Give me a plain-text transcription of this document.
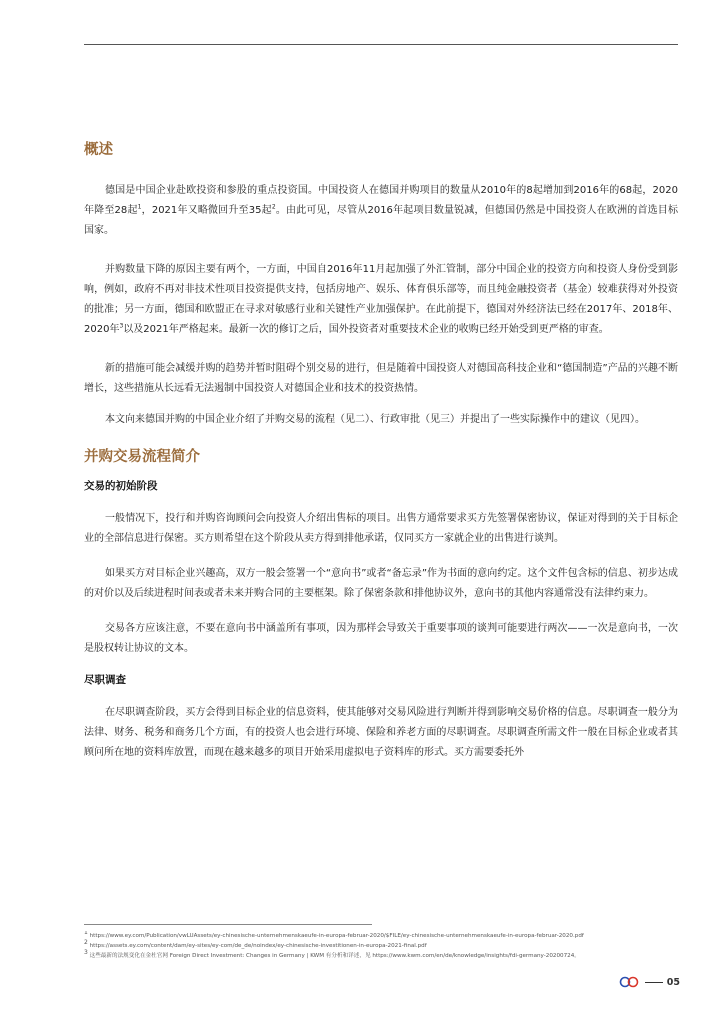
概述

德国是中国企业赴欧投资和参股的重点投资国。中国投资人在德国并购项目的数量从2010年的8起增加到2016年的68起，2020年降至28起$^1$，2021年又略微回升至35起$^2$。由此可见，尽管从2016年起项目数量锐减，但德国仍然是中国投资人在欧洲的首选目标国家。

并购数量下降的原因主要有两个，一方面，中国自2016年11月起加强了外汇管制，部分中国企业的投资方向和投资人身份受到影响，例如，政府不再对非技术性项目投资提供支持，包括房地产、娱乐、体育俱乐部等，而且纯金融投资者（基金）较难获得对外投资的批准；另一方面，德国和欧盟正在寻求对敏感行业和关键性产业加强保护。在此前提下，德国对外经济法已经在2017年、2018年、2020年$^3$以及2021年严格起来。最新一次的修订之后，国外投资者对重要技术企业的收购已经开始受到更严格的审查。

新的措施可能会减缓并购的趋势并暂时阻碍个别交易的进行，但是随着中国投资人对德国高科技企业和“德国制造”产品的兴趣不断增长，这些措施从长远看无法遏制中国投资人对德国企业和技术的投资热情。

本文向来德国并购的中国企业介绍了并购交易的流程（见二）、行政审批（见三）并提出了一些实际操作中的建议（见四）。

并购交易流程简介
交易的初始阶段

一般情况下，投行和并购咨询顾问会向投资人介绍出售标的项目。出售方通常要求买方先签署保密协议，保证对得到的关于目标企业的全部信息进行保密。买方则希望在这个阶段从卖方得到排他承诺，仅同买方一家就企业的出售进行谈判。

如果买方对目标企业兴趣高，双方一般会签署一个“意向书”或者“备忘录”作为书面的意向约定。这个文件包含标的信息、初步达成的对价以及后续进程时间表或者未来并购合同的主要框架。除了保密条款和排他协议外，意向书的其他内容通常没有法律约束力。

交易各方应该注意，不要在意向书中涵盖所有事项，因为那样会导致关于重要事项的谈判可能要进行两次——一次是意向书，一次是股权转让协议的文本。

尽职调查

在尽职调查阶段，买方会得到目标企业的信息资料，使其能够对交易风险进行判断并得到影响交易价格的信息。尽职调查一般分为法律、财务、税务和商务几个方面，有的投资人也会进行环境、保险和养老方面的尽职调查。尽职调查所需文件一般在目标企业或者其顾问所在地的资料库放置，而现在越来越多的项目开始采用虚拟电子资料库的形式。买方需要委托外

$^1$ https://www.ey.com/Publication/vwLUAssets/ey-chinesische-unternehmenskaeufe-in-europa-februar-2020/$FILE/ey-chinesische-unternehmenskaeufe-in-europa-februar-2020.pdf
$^2$ https://assets.ey.com/content/dam/ey-sites/ey-com/de_de/noindex/ey-chinesische-investitionen-in-europa-2021-final.pdf
$^3$ 这些最新的法规变化在金杜官网 Foreign Direct Investment: Changes in Germany | KWM 有分析和详述，见 https://www.kwm.com/en/de/knowledge/insights/fdi-germany-20200724。
05
